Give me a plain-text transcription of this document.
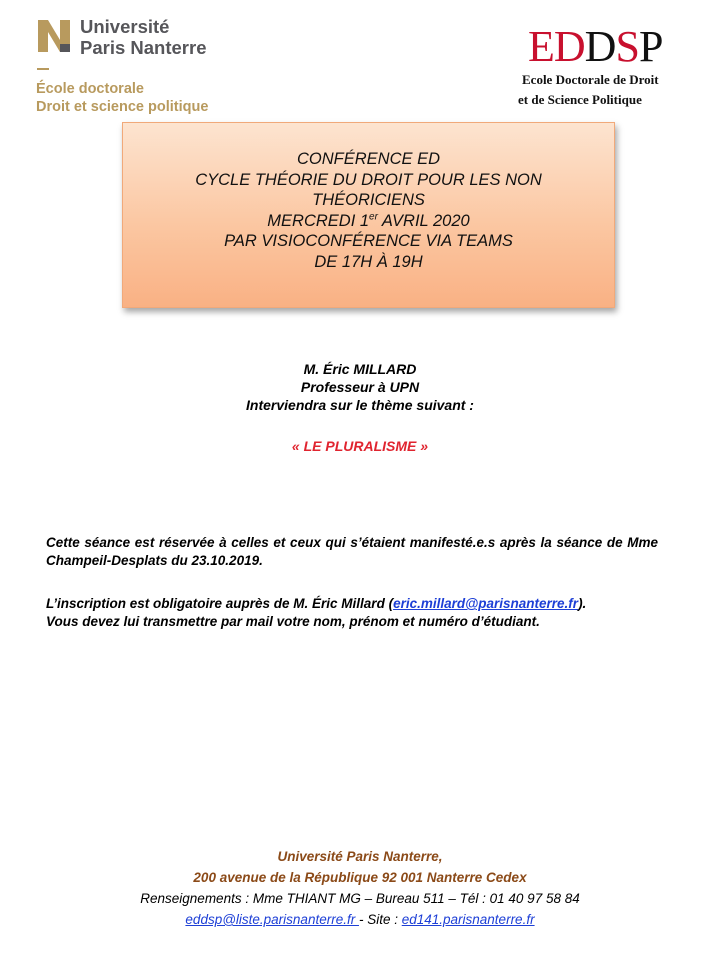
Université
Paris Nanterre
École doctorale
Droit et science politique
EDDSP
Ecole Doctorale de Droit
et de Science Politique
CONFÉRENCE ED
CYCLE THÉORIE DU DROIT POUR LES NON
THÉORICIENS
MERCREDI 1er AVRIL 2020
PAR VISIOCONFÉRENCE VIA TEAMS
DE 17H À 19H
M. Éric MILLARD
Professeur à UPN
Interviendra sur le thème suivant :
« LE PLURALISME »
Cette séance est réservée à celles et ceux qui s’étaient manifesté.e.s après la séance de Mme Champeil-Desplats du 23.10.2019.
L’inscription est obligatoire auprès de M. Éric Millard (eric.millard@parisnanterre.fr).
Vous devez lui transmettre par mail votre nom, prénom et numéro d’étudiant.
Université Paris Nanterre,
200 avenue de la République 92 001 Nanterre Cedex
Renseignements : Mme THIANT MG – Bureau 511 – Tél : 01 40 97 58 84
eddsp@liste.parisnanterre.fr - Site : ed141.parisnanterre.fr
